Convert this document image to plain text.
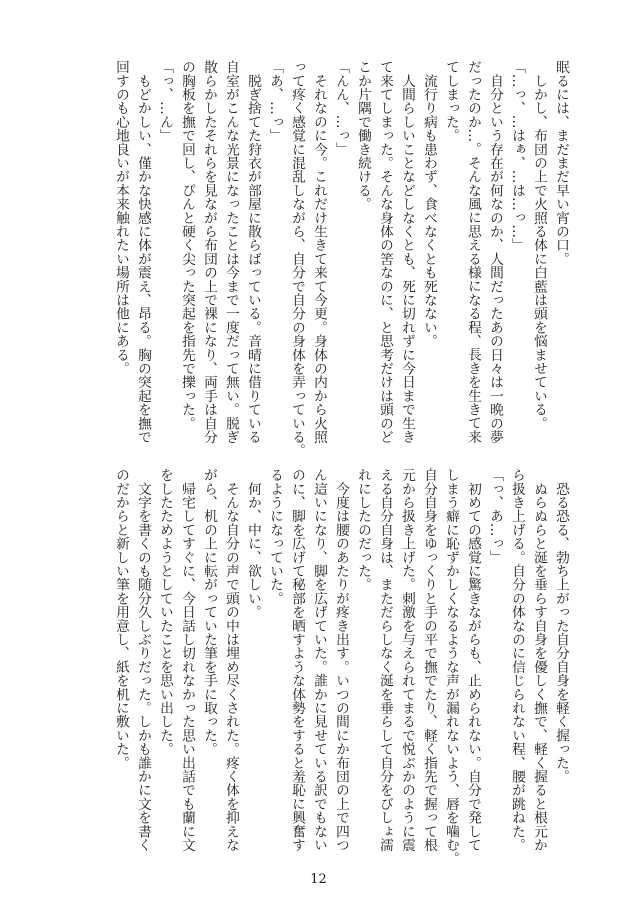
眠るには、まだまだ早い宵の口。
　しかし、布団の上で火照る体に白藍は頭を悩ませている。
「…っ、…はぁ、…は…っ…」
　自分という存在が何なのか、人間だったあの日々は一晩の夢
だったのか…。そんな風に思える様になる程、長きを生きて来
てしまった。
　流行り病も患わず、食べなくとも死なない。
　人間らしいことなどしなくとも、死に切れずに今日まで生き
て来てしまった。そんな身体の筈なのに、と思考だけは頭のど
こか片隅で働き続ける。
「んん、…っ」
　それなのに今。これだけ生きて来て今更。身体の内から火照
って疼く感覚に混乱しながら、自分で自分の身体を弄っている。
「あ、…っ」
　脱ぎ捨てた狩衣が部屋に散らばっている。音晴に借りている
自室がこんな光景になったことは今まで一度だって無い。脱ぎ
散らかしたそれらを見ながら布団の上で裸になり、両手は自分
の胸板を撫で回し、ぴんと硬く尖った突起を指先で擽った。
「っ、…ん」
　もどかしい、僅かな快感に体が震え、昂る。胸の突起を撫で
回すのも心地良いが本来触れたい場所は他にある。
　恐る恐る、勃ち上がった自分自身を軽く握った。
　ぬらぬらと涎を垂らす自身を優しく撫で、軽く握ると根元か
ら扱き上げる。自分の体なのに信じられない程、腰が跳ねた。
「っ、あ…っ」
　初めての感覚に驚きながらも、止められない。自分で発して
しまう癖に恥ずかしくなるような声が漏れないよう、唇を噛む。
自分自身をゆっくりと手の平で撫でたり、軽く指先で握って根
元から扱き上げた。刺激を与えられてまるで悦ぶかのように震
える自分自身は、まただらしなく涎を垂らして自分をびしょ濡
れにしたのだった。
　今度は腰のあたりが疼き出す。いつの間にか布団の上で四つ
ん這いになり、脚を広げていた。誰かに見せている訳でもない
のに、脚を広げて秘部を晒すような体勢をすると羞恥に興奮す
るようになっていた。
　何か、中に、欲しい。
　そんな自分の声で頭の中は埋め尽くされた。疼く体を抑えな
がら、机の上に転がっていた筆を手に取った。
　帰宅してすぐに、今日話し切れなかった思い出話でも蘭に文
をしたためようとしていたことを思い出した。
　文字を書くのも随分久しぶりだった。しかも誰かに文を書く
のだからと新しい筆を用意し、紙を机に敷いた。
12
